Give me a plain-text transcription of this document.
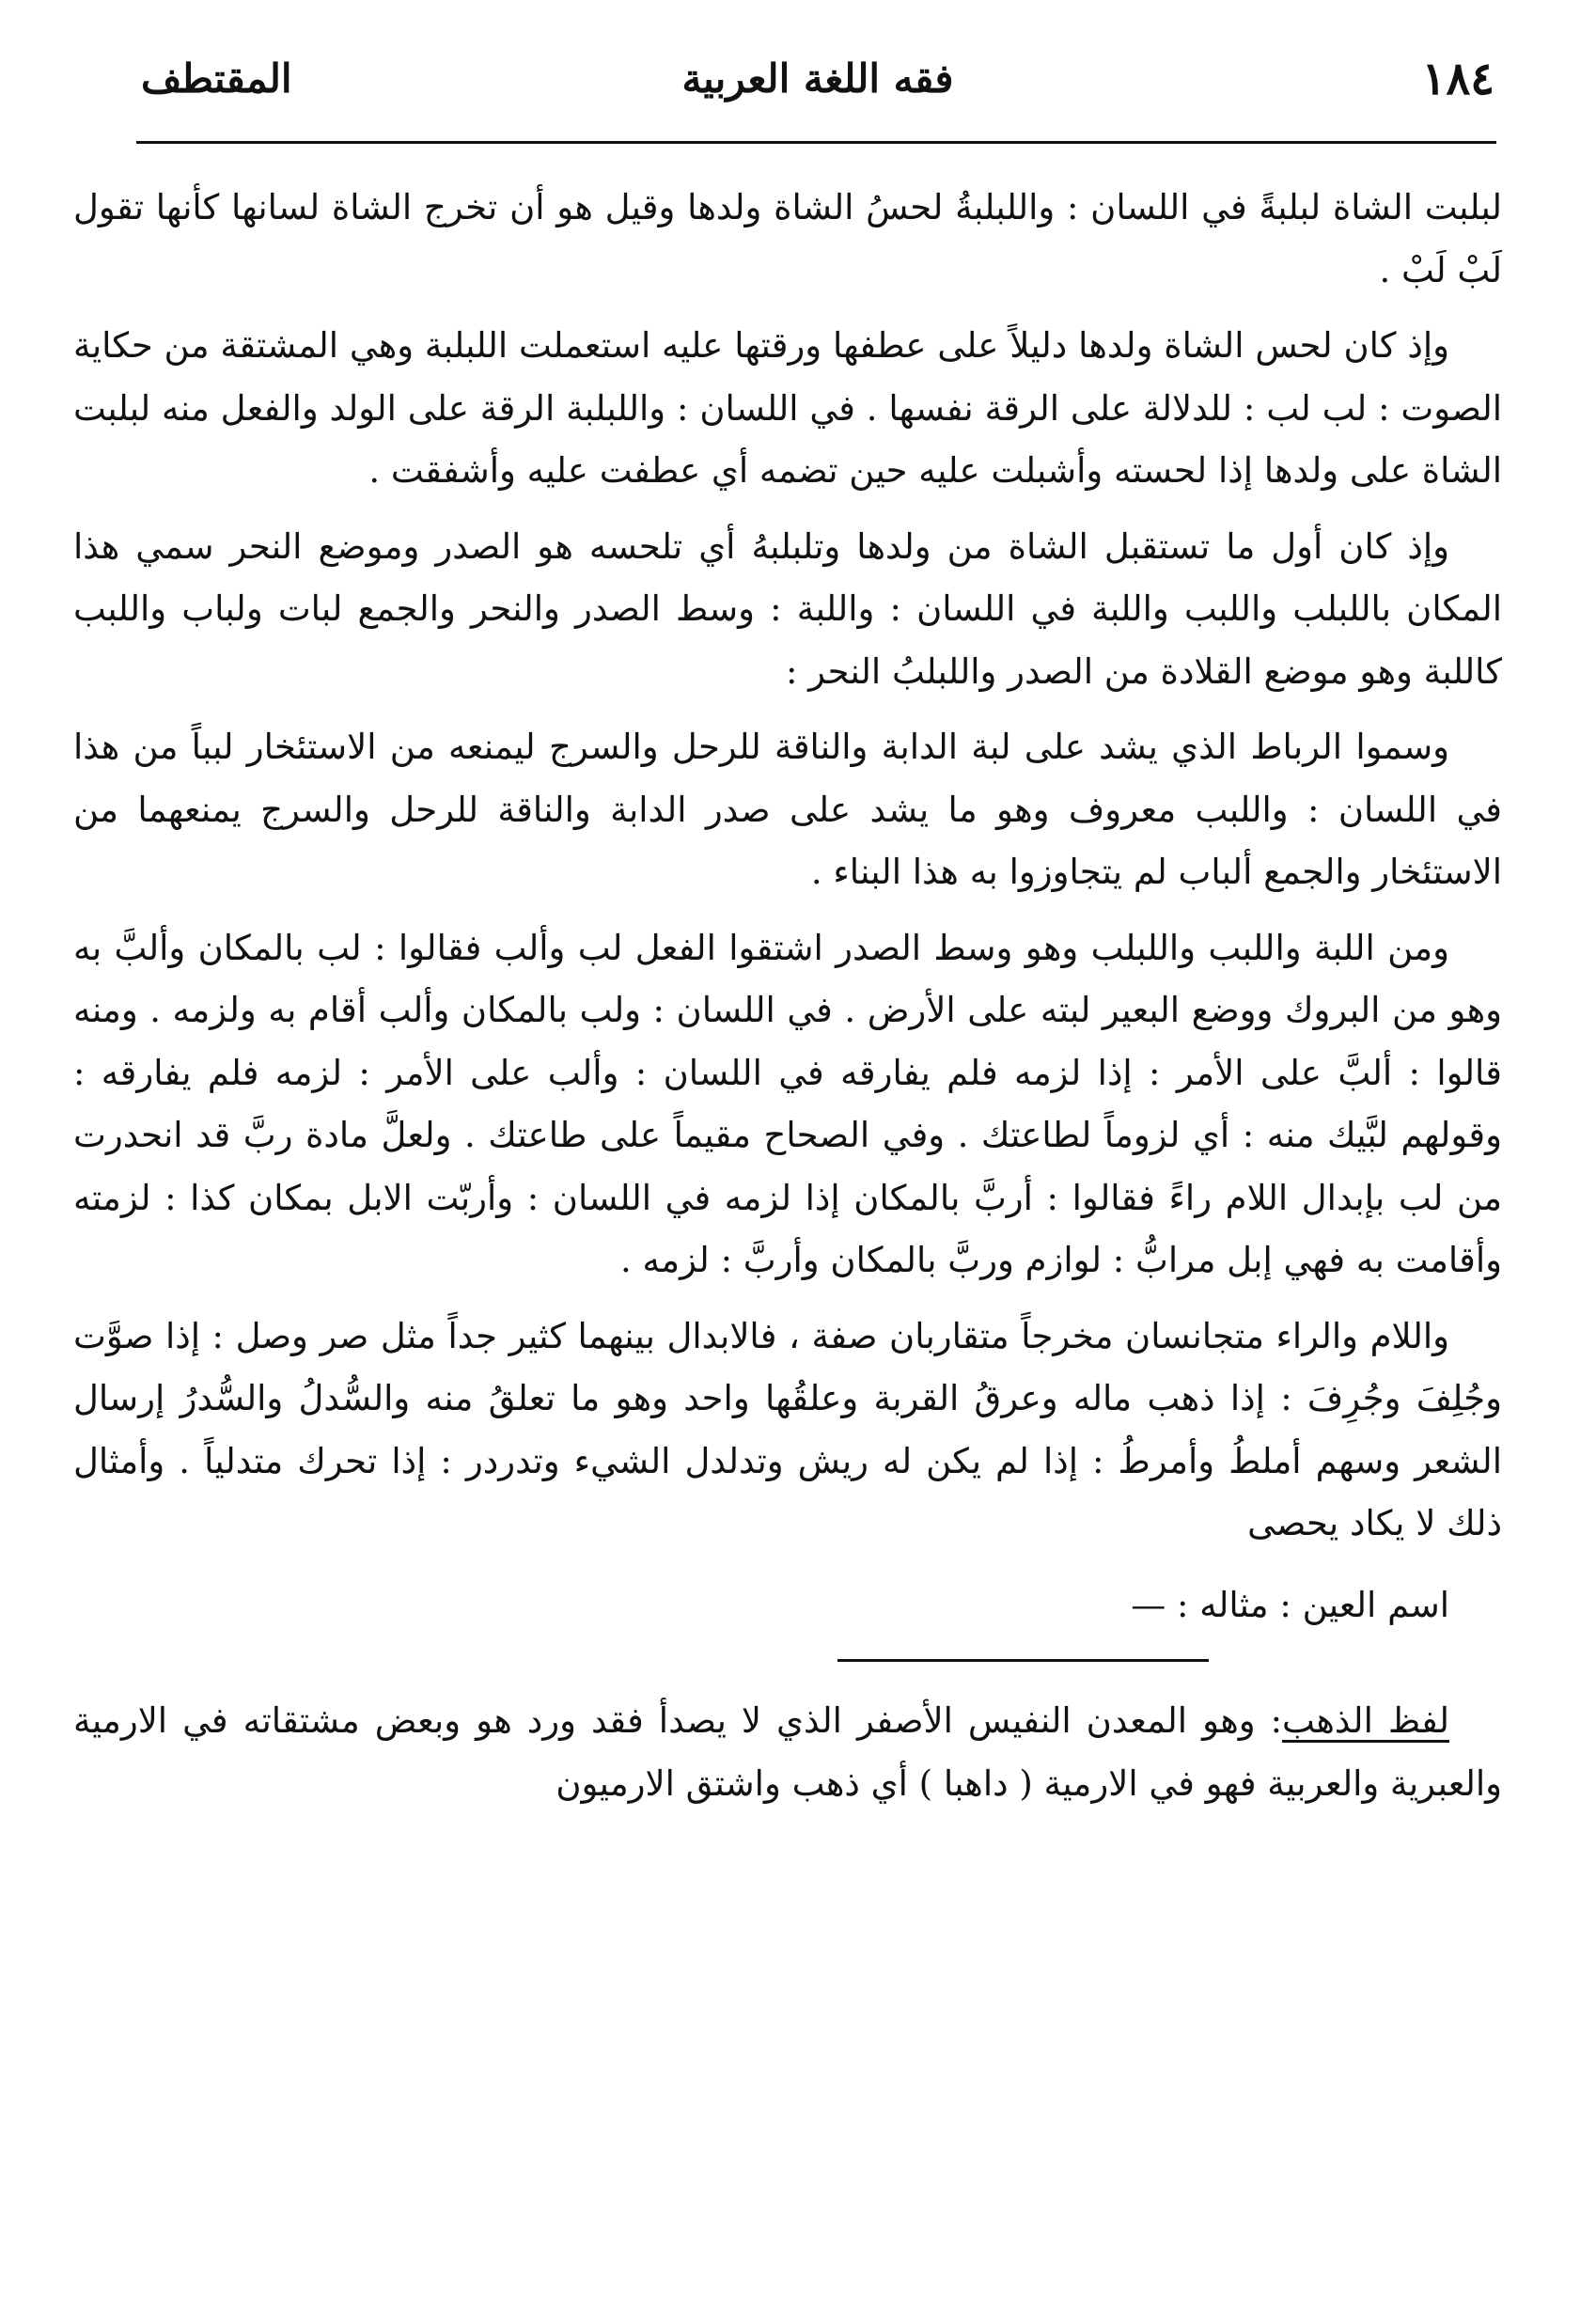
١٨٤
فقه اللغة العربية
المقتطف

لبلبت الشاة لبلبةً في اللسان : واللبلبةُ لحسُ الشاة ولدها وقيل هو أن تخرج الشاة لسانها كأنها تقول لَبْ لَبْ .

وإذ كان لحس الشاة ولدها دليلاً على عطفها ورقتها عليه استعملت اللبلبة وهي المشتقة من حكاية الصوت : لب لب : للدلالة على الرقة نفسها . في اللسان : واللبلبة الرقة على الولد والفعل منه لبلبت الشاة على ولدها إذا لحسته وأشبلت عليه حين تضمه أي عطفت عليه وأشفقت .

وإذ كان أول ما تستقبل الشاة من ولدها وتلبلبهُ أي تلحسه هو الصدر وموضع النحر سمي هذا المكان باللبلب واللبب واللبة في اللسان : واللبة : وسط الصدر والنحر والجمع لبات ولباب واللبب كاللبة وهو موضع القلادة من الصدر واللبلبُ النحر :

وسموا الرباط الذي يشد على لبة الدابة والناقة للرحل والسرج ليمنعه من الاستئخار لبباً من هذا في اللسان : واللبب معروف وهو ما يشد على صدر الدابة والناقة للرحل والسرج يمنعهما من الاستئخار والجمع ألباب لم يتجاوزوا به هذا البناء .

ومن اللبة واللبب واللبلب وهو وسط الصدر اشتقوا الفعل لب وألب فقالوا : لب بالمكان وألبَّ به وهو من البروك ووضع البعير لبته على الأرض . في اللسان : ولب بالمكان وألب أقام به ولزمه . ومنه قالوا : ألبَّ على الأمر : إذا لزمه فلم يفارقه في اللسان : وألب على الأمر : لزمه فلم يفارقه : وقولهم لبَّيك منه : أي لزوماً لطاعتك . وفي الصحاح مقيماً على طاعتك . ولعلَّ مادة ربَّ قد انحدرت من لب بإبدال اللام راءً فقالوا : أربَّ بالمكان إذا لزمه في اللسان : وأربّت الابل بمكان كذا : لزمته وأقامت به فهي إبل مرابُّ : لوازم وربَّ بالمكان وأربَّ : لزمه .

واللام والراء متجانسان مخرجاً متقاربان صفة ، فالابدال بينهما كثير جداً مثل صر وصل : إذا صوَّت وجُلِفَ وجُرِفَ : إذا ذهب ماله وعرقُ القربة وعلقُها واحد وهو ما تعلقُ منه والسُّدلُ والسُّدرُ إرسال الشعر وسهم أملطُ وأمرطُ : إذا لم يكن له ريش وتدلدل الشيء وتدردر : إذا تحرك متدلياً . وأمثال ذلك لا يكاد يحصى

اسم العين : مثاله : —

لفظ الذهب: وهو المعدن النفيس الأصفر الذي لا يصدأ فقد ورد هو وبعض مشتقاته في الارمية والعبرية والعربية فهو في الارمية ( داهبا ) أي ذهب واشتق الارميون
